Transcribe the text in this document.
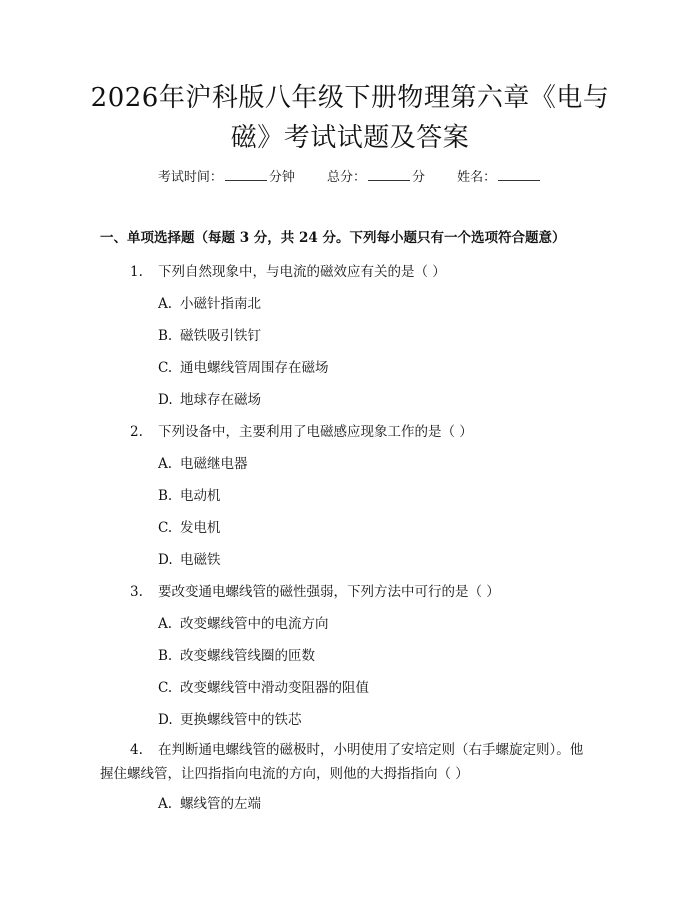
2026年沪科版八年级下册物理第六章《电与
磁》考试试题及答案
考试时间：	分钟 总分：	分 姓名：
一、单项选择题（每题 3 分，共 24 分。下列每小题只有一个选项符合题意）
1. 下列自然现象中，与电流的磁效应有关的是（ ）
A. 小磁针指南北
B. 磁铁吸引铁钉
C. 通电螺线管周围存在磁场
D. 地球存在磁场
2. 下列设备中，主要利用了电磁感应现象工作的是（ ）
A. 电磁继电器
B. 电动机
C. 发电机
D. 电磁铁
3. 要改变通电螺线管的磁性强弱，下列方法中可行的是（ ）
A. 改变螺线管中的电流方向
B. 改变螺线管线圈的匝数
C. 改变螺线管中滑动变阻器的阻值
D. 更换螺线管中的铁芯
4. 在判断通电螺线管的磁极时，小明使用了安培定则（右手螺旋定则）。他
握住螺线管，让四指指向电流的方向，则他的大拇指指向（ ）
A. 螺线管的左端
